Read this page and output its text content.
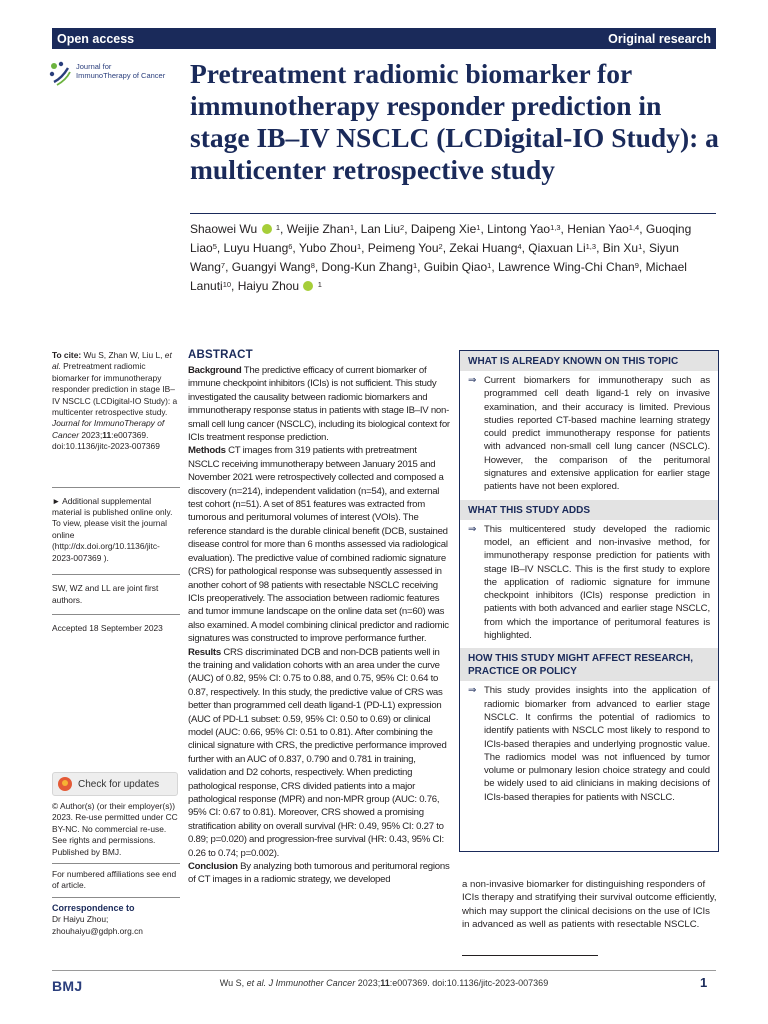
Open access	Original research
Journal for
ImmunoTherapy of Cancer Pretreatment radiomic biomarker for immunotherapy responder prediction in stage IB–IV NSCLC (LCDigital-IO Study): a multicenter retrospective study
Shaowei Wu $^1$, Weijie Zhan$^1$, Lan Liu$^2$, Daipeng Xie$^1$, Lintong Yao$^{1,3}$, Henian Yao$^{1,4}$, Guoqing Liao$^5$, Luyu Huang$^6$, Yubo Zhou$^1$, Peimeng You$^2$, Zekai Huang$^4$, Qiaxuan Li$^{1,3}$, Bin Xu$^1$, Siyun Wang$^7$, Guangyi Wang$^8$, Dong-Kun Zhang$^1$, Guibin Qiao$^1$, Lawrence Wing-Chi Chan$^9$, Michael Lanuti$^{10}$, Haiyu Zhou $^1$

To cite: Wu S, Zhan W, Liu L, et al. Pretreatment radiomic biomarker for immunotherapy responder prediction in stage IB–IV NSCLC (LCDigital-IO Study): a multicenter retrospective study. Journal for ImmunoTherapy of Cancer 2023;11:e007369. doi:10.1136/jitc-2023-007369

► Additional supplemental material is published online only. To view, please visit the journal online (http://dx.doi.org/10.1136/jitc-2023-007369 ).

SW, WZ and LL are joint first authors.

Accepted 18 September 2023

Check for updates

© Author(s) (or their employer(s)) 2023. Re-use permitted under CC BY-NC. No commercial re-use. See rights and permissions. Published by BMJ.

For numbered affiliations see end of article.

Correspondence to

Dr Haiyu Zhou;

zhouhaiyu@gdph.org.cn

ABSTRACT

Background The predictive efficacy of current biomarker of immune checkpoint inhibitors (ICIs) is not sufficient. This study investigated the causality between radiomic biomarkers and immunotherapy response status in patients with stage IB–IV non-small cell lung cancer (NSCLC), including its biological context for ICIs treatment response prediction.

Methods CT images from 319 patients with pretreatment NSCLC receiving immunotherapy between January 2015 and November 2021 were retrospectively collected and composed a discovery (n=214), independent validation (n=54), and external test cohort (n=51). A set of 851 features was extracted from tumorous and peritumoral volumes of interest (VOIs). The reference standard is the durable clinical benefit (DCB, sustained disease control for more than 6 months assessed via radiological evaluation). The predictive value of combined radiomic signature (CRS) for pathological response was subsequently assessed in another cohort of 98 patients with resectable NSCLC receiving ICIs preoperatively. The association between radiomic features and tumor immune landscape on the online data set (n=60) was also examined. A model combining clinical predictor and radiomic signatures was constructed to improve performance further.

Results CRS discriminated DCB and non-DCB patients well in the training and validation cohorts with an area under the curve (AUC) of 0.82, 95% CI: 0.75 to 0.88, and 0.75, 95% CI: 0.64 to 0.87, respectively. In this study, the predictive value of CRS was better than programmed cell death ligand-1 (PD-L1) expression (AUC of PD-L1 subset: 0.59, 95% CI: 0.50 to 0.69) or clinical model (AUC: 0.66, 95% CI: 0.51 to 0.81). After combining the clinical signature with CRS, the predictive performance improved further with an AUC of 0.837, 0.790 and 0.781 in training, validation and D2 cohorts, respectively. When predicting pathological response, CRS divided patients into a major pathological response (MPR) and non-MPR group (AUC: 0.76, 95% CI: 0.67 to 0.81). Moreover, CRS showed a promising stratification ability on overall survival (HR: 0.49, 95% CI: 0.27 to 0.89; p=0.020) and progression-free survival (HR: 0.43, 95% CI: 0.26 to 0.74; p=0.002).

Conclusion By analyzing both tumorous and peritumoral regions of CT images in a radiomic strategy, we developed

WHAT IS ALREADY KNOWN ON THIS TOPIC
⇒ Current biomarkers for immunotherapy such as programmed cell death ligand-1 rely on invasive examination, and their accuracy is limited. Previous studies reported CT-based machine learning strategy could predict immunotherapy response for patients with advanced non-small cell lung cancer (NSCLC). However, the comparison of the peritumoral signatures and extensive application for earlier stage patients have not been explored.
WHAT THIS STUDY ADDS
⇒ This multicentered study developed the radiomic model, an efficient and non-invasive method, for immunotherapy response prediction for patients with stage IB–IV NSCLC. This is the first study to explore the application of radiomic signature for immune checkpoint inhibitors (ICIs) response prediction in patients with both advanced and earlier stage NSCLC, from which the importance of peritumoral features is highlighted.
HOW THIS STUDY MIGHT AFFECT RESEARCH, PRACTICE OR POLICY
⇒ This study provides insights into the application of radiomic biomarker from advanced to earlier stage NSCLC. It confirms the potential of radiomics to identify patients with NSCLC most likely to respond to ICIs-based therapies and underlying prognostic value. The radiomics model was not influenced by tumor volume or pulmonary lesion choice strategy and could be widely used to aid clinicians in making decisions of ICIs-based therapies for patients with NSCLC.
a non-invasive biomarker for distinguishing responders of ICIs therapy and stratifying their survival outcome efficiently, which may support the clinical decisions on the use of ICIs in advanced as well as patients with resectable NSCLC.
BMJ	Wu S, et al. J Immunother Cancer 2023;11:e007369. doi:10.1136/jitc-2023-007369	1
